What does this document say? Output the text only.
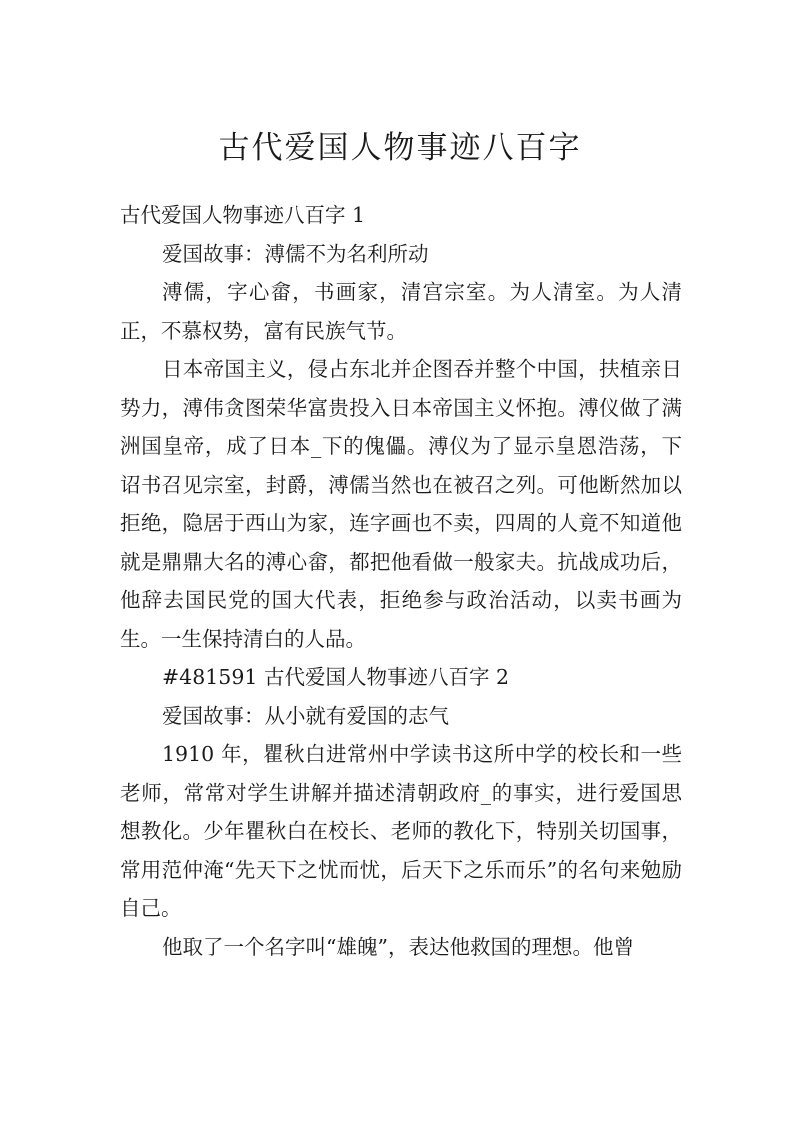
古代爱国人物事迹八百字

古代爱国人物事迹八百字 1

爱国故事：溥儒不为名利所动

溥儒，字心畲，书画家，清宫宗室。为人清室。为人清正，不慕权势，富有民族气节。

日本帝国主义，侵占东北并企图吞并整个中国，扶植亲日势力，溥伟贪图荣华富贵投入日本帝国主义怀抱。溥仪做了满洲国皇帝，成了日本_下的傀儡。溥仪为了显示皇恩浩荡，下诏书召见宗室，封爵，溥儒当然也在被召之列。可他断然加以拒绝，隐居于西山为家，连字画也不卖，四周的人竟不知道他就是鼎鼎大名的溥心畲，都把他看做一般家夫。抗战成功后，他辞去国民党的国大代表，拒绝参与政治活动，以卖书画为生。一生保持清白的人品。

#481591 古代爱国人物事迹八百字 2

爱国故事：从小就有爱国的志气

1910 年，瞿秋白进常州中学读书这所中学的校长和一些老师，常常对学生讲解并描述清朝政府_的事实，进行爱国思想教化。少年瞿秋白在校长、老师的教化下，特别关切国事，常用范仲淹“先天下之忧而忧，后天下之乐而乐”的名句来勉励自己。

他取了一个名字叫“雄魄”，表达他救国的理想。他曾
